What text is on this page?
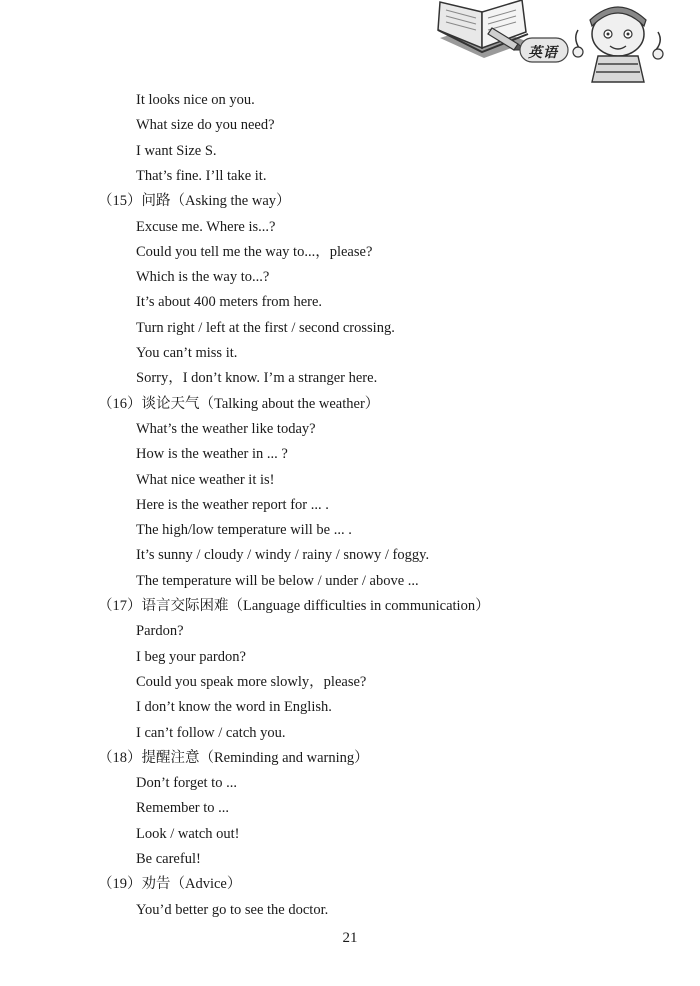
英语
It looks nice on you.
What size do you need?
I want Size S.
That’s fine. I’ll take it.
（15）问路（Asking the way）
Excuse me. Where is...?
Could you tell me the way to...，please?
Which is the way to...?
It’s about 400 meters from here.
Turn right / left at the first / second crossing.
You can’t miss it.
Sorry，I don’t know. I’m a stranger here.
（16）谈论天气（Talking about the weather）
What’s the weather like today?
How is the weather in ... ?
What nice weather it is!
Here is the weather report for ... .
The high/low temperature will be ... .
It’s sunny / cloudy / windy / rainy / snowy / foggy.
The temperature will be below / under / above ...
（17）语言交际困难（Language difficulties in communication）
Pardon?
I beg your pardon?
Could you speak more slowly，please?
I don’t know the word in English.
I can’t follow / catch you.
（18）提醒注意（Reminding and warning）
Don’t forget to ...
Remember to ...
Look / watch out!
Be careful!
（19）劝告（Advice）
You’d better go to see the doctor.
21
